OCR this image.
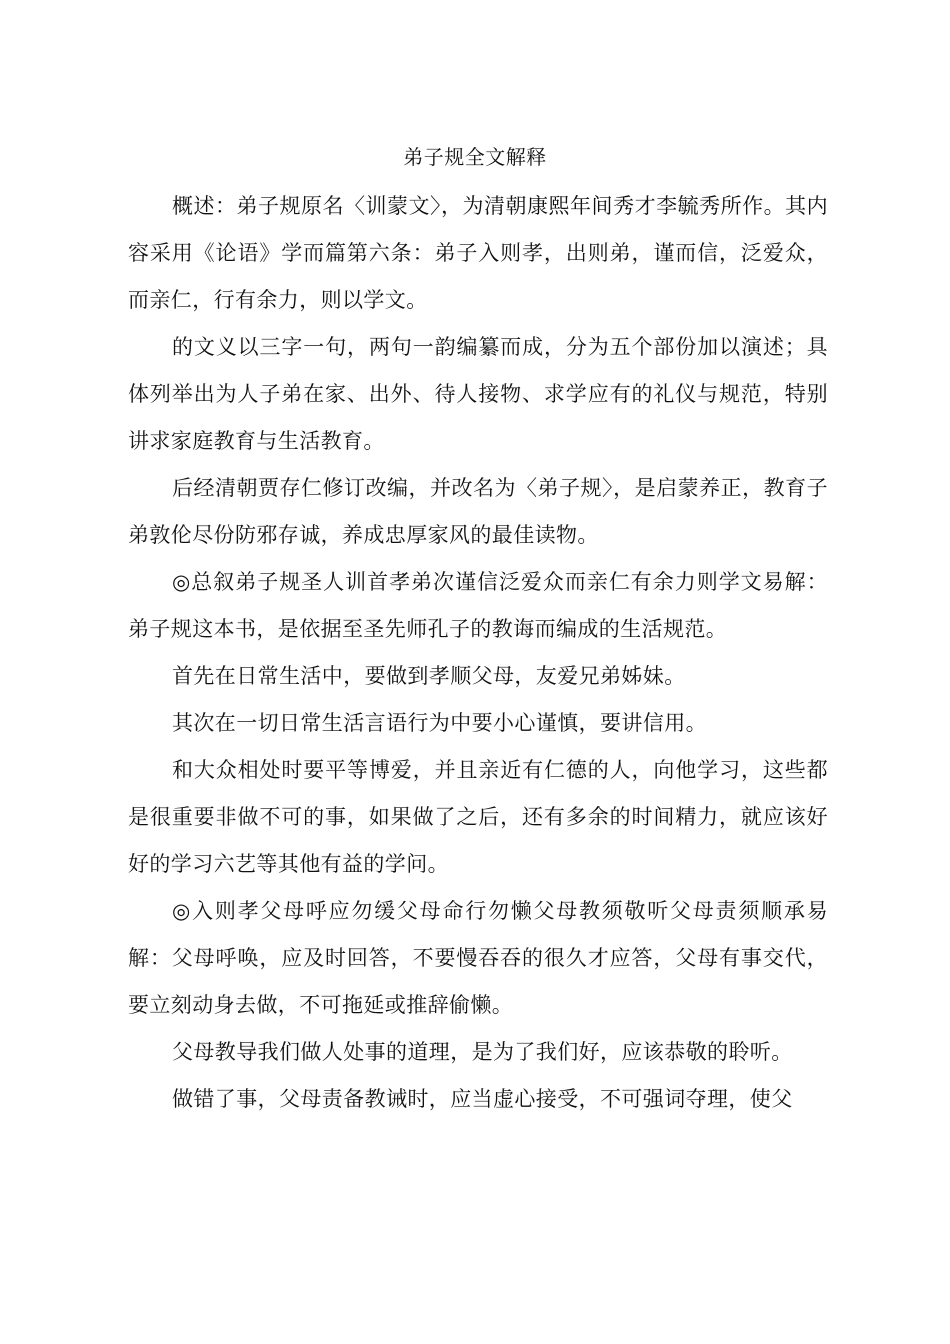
弟子规全文解释

概述：弟子规原名〈训蒙文〉，为清朝康熙年间秀才李毓秀所作。其内容采用《论语》学而篇第六条：弟子入则孝，出则弟，谨而信，泛爱众，而亲仁，行有余力，则以学文。

的文义以三字一句，两句一韵编纂而成，分为五个部份加以演述；具体列举出为人子弟在家、出外、待人接物、求学应有的礼仪与规范，特别讲求家庭教育与生活教育。

后经清朝贾存仁修订改编，并改名为〈弟子规〉，是启蒙养正，教育子弟敦伦尽份防邪存诚，养成忠厚家风的最佳读物。

◎总叙弟子规圣人训首孝弟次谨信泛爱众而亲仁有余力则学文易解：弟子规这本书，是依据至圣先师孔子的教诲而编成的生活规范。

首先在日常生活中，要做到孝顺父母，友爱兄弟姊妹。

其次在一切日常生活言语行为中要小心谨慎，要讲信用。

和大众相处时要平等博爱，并且亲近有仁德的人，向他学习，这些都是很重要非做不可的事，如果做了之后，还有多余的时间精力，就应该好好的学习六艺等其他有益的学问。

◎入则孝父母呼应勿缓父母命行勿懒父母教须敬听父母责须顺承易解：父母呼唤，应及时回答，不要慢吞吞的很久才应答，父母有事交代，要立刻动身去做，不可拖延或推辞偷懒。

父母教导我们做人处事的道理，是为了我们好，应该恭敬的聆听。

做错了事，父母责备教诫时，应当虚心接受，不可强词夺理，使父
